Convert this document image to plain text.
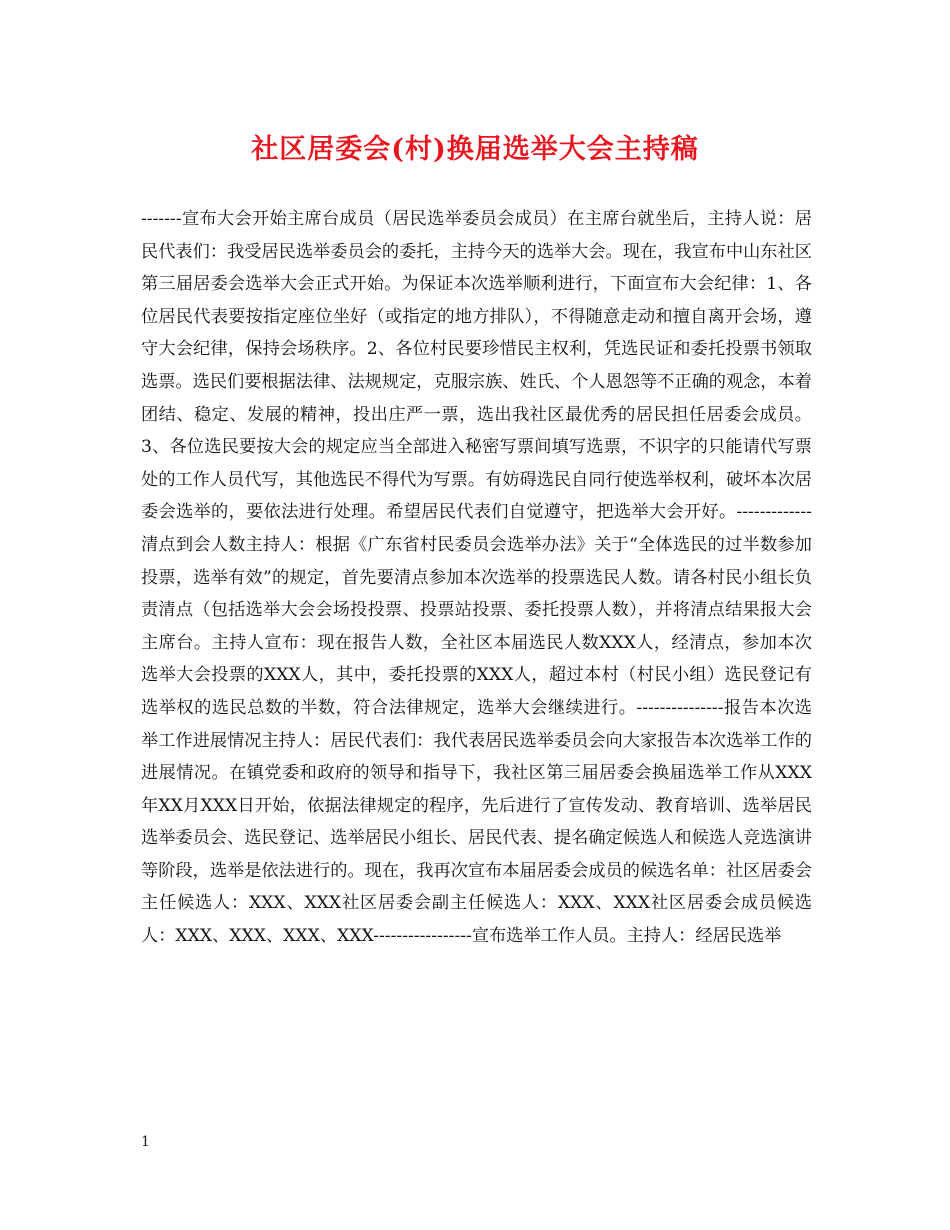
社区居委会(村)换届选举大会主持稿

-------宣布大会开始主席台成员（居民选举委员会成员）在主席台就坐后，主持人说：居民代表们：我受居民选举委员会的委托，主持今天的选举大会。现在，我宣布中山东社区第三届居委会选举大会正式开始。为保证本次选举顺利进行，下面宣布大会纪律：1、各位居民代表要按指定座位坐好（或指定的地方排队），不得随意走动和擅自离开会场，遵守大会纪律，保持会场秩序。2、各位村民要珍惜民主权利，凭选民证和委托投票书领取选票。选民们要根据法律、法规规定，克服宗族、姓氏、个人恩怨等不正确的观念，本着团结、稳定、发展的精神，投出庄严一票，选出我社区最优秀的居民担任居委会成员。3、各位选民要按大会的规定应当全部进入秘密写票间填写选票，不识字的只能请代写票处的工作人员代写，其他选民不得代为写票。有妨碍选民自同行使选举权利，破坏本次居委会选举的，要依法进行处理。希望居民代表们自觉遵守，把选举大会开好。-------------清点到会人数主持人：根据《广东省村民委员会选举办法》关于“全体选民的过半数参加投票，选举有效”的规定，首先要清点参加本次选举的投票选民人数。请各村民小组长负责清点（包括选举大会会场投投票、投票站投票、委托投票人数），并将清点结果报大会主席台。主持人宣布：现在报告人数，全社区本届选民人数XXX人，经清点，参加本次选举大会投票的XXX人，其中，委托投票的XXX人，超过本村（村民小组）选民登记有选举权的选民总数的半数，符合法律规定，选举大会继续进行。---------------报告本次选举工作进展情况主持人：居民代表们：我代表居民选举委员会向大家报告本次选举工作的进展情况。在镇党委和政府的领导和指导下，我社区第三届居委会换届选举工作从XXX年XX月XXX日开始，依据法律规定的程序，先后进行了宣传发动、教育培训、选举居民选举委员会、选民登记、选举居民小组长、居民代表、提名确定候选人和候选人竞选演讲等阶段，选举是依法进行的。现在，我再次宣布本届居委会成员的候选名单：社区居委会主任候选人：XXX、XXX社区居委会副主任候选人：XXX、XXX社区居委会成员候选人：XXX、XXX、XXX、XXX-----------------宣布选举工作人员。主持人：经居民选举

1
